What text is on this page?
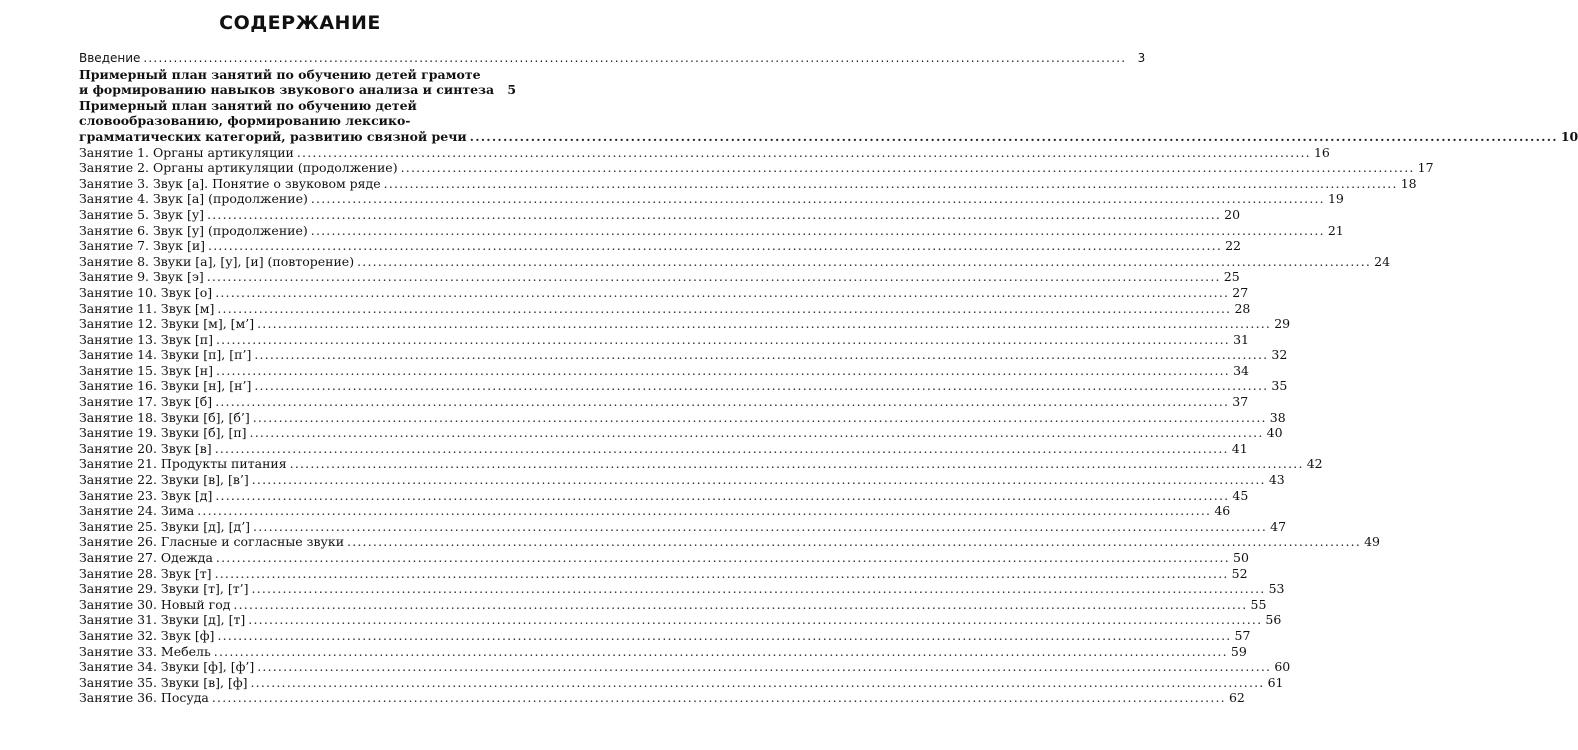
СОДЕРЖАНИЕ
Введение .....	3
Примерный план занятий по обучению детей грамоте
и формированию навыков звукового анализа и синтеза	5
Примерный план занятий по обучению детей
словообразованию, формированию лексико-
грамматических категорий, развитию связной речи .....	10
Занятие 1. Органы артикуляции .....	16
Занятие 2. Органы артикуляции (продолжение) .....	17
Занятие 3. Звук [а]. Понятие о звуковом ряде .....	18
Занятие 4. Звук [а] (продолжение) .....	19
Занятие 5. Звук [у] .....	20
Занятие 6. Звук [у] (продолжение) .....	21
Занятие 7. Звук [и] .....	22
Занятие 8. Звуки [а], [у], [и] (повторение) .....	24
Занятие 9. Звук [э] .....	25
Занятие 10. Звук [о] .....	27
Занятие 11. Звук [м] .....	28
Занятие 12. Звуки [м], [м’] .....	29
Занятие 13. Звук [п] .....	31
Занятие 14. Звуки [п], [п’] .....	32
Занятие 15. Звук [н] .....	34
Занятие 16. Звуки [н], [н’] .....	35
Занятие 17. Звук [б] .....	37
Занятие 18. Звуки [б], [б’] .....	38
Занятие 19. Звуки [б], [п] .....	40
Занятие 20. Звук [в] .....	41
Занятие 21. Продукты питания .....	42
Занятие 22. Звуки [в], [в’] .....	43
Занятие 23. Звук [д] .....	45
Занятие 24. Зима .....	46
Занятие 25. Звуки [д], [д’] .....	47
Занятие 26. Гласные и согласные звуки .....	49
Занятие 27. Одежда .....	50
Занятие 28. Звук [т] .....	52
Занятие 29. Звуки [т], [т’] .....	53
Занятие 30. Новый год .....	55
Занятие 31. Звуки [д], [т] .....	56
Занятие 32. Звук [ф] .....	57
Занятие 33. Мебель .....	59
Занятие 34. Звуки [ф], [ф’] .....	60
Занятие 35. Звуки [в], [ф] .....	61
Занятие 36. Посуда .....	62
